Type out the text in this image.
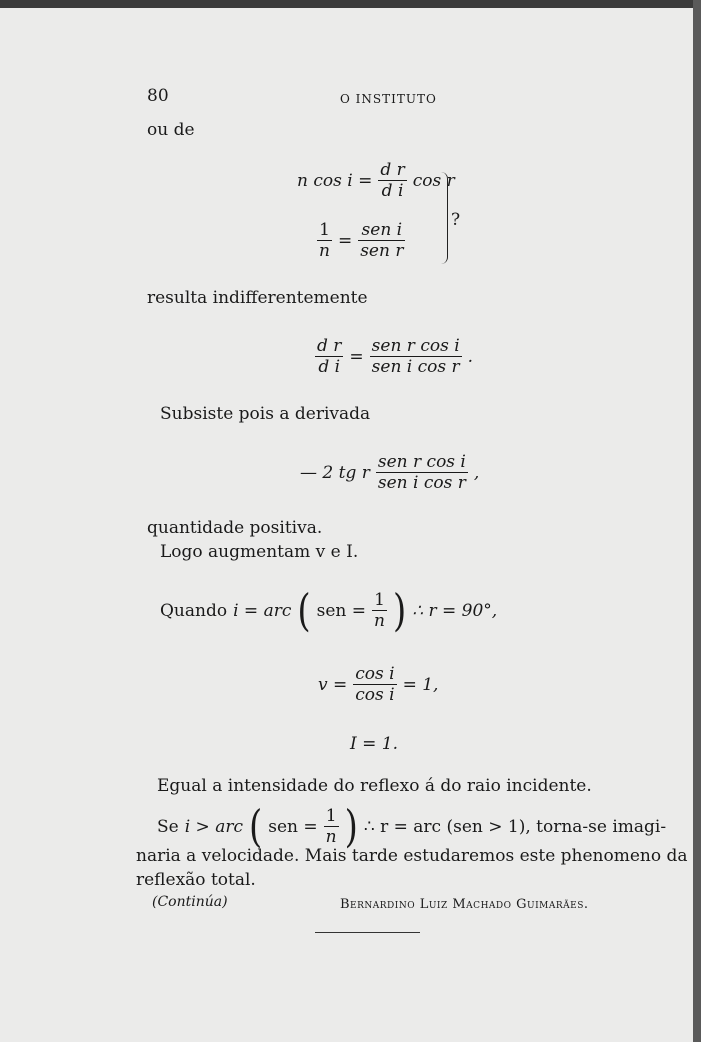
80	O INSTITUTO
ou de
n $\cos i = \frac{\text{d r}}{\text{d i}}$ cos r
$\frac{1}{n} = \frac{\text{sen i}}{\text{sen r}}$	?
resulta indifferentemente
$\frac{\text{d r}}{\text{d i}} = \frac{\text{sen r cos i}}{\text{sen i cos r}}$ .
Subsiste pois a derivada
— 2 tg r $\frac{\text{sen r cos i}}{\text{sen i cos r}}$ ,
quantidade positiva.
Logo augmentam v e I.
Quando i = arc ( sen = $\frac{1}{n}$ ) ∴ r = 90°,
$v = \frac{\text{cos i}}{\text{cos i}} = 1$,
I = 1.
Egual a intensidade do reflexo á do raio incidente.
Se i > arc ( sen = $\frac{1}{n}$ ) ∴ r = arc (sen > 1), torna-se imagi-
naria a velocidade. Mais tarde estudaremos este phenomeno da
reflexão total.
(Continúa)	Bernardino Luiz Machado Guimarães.
